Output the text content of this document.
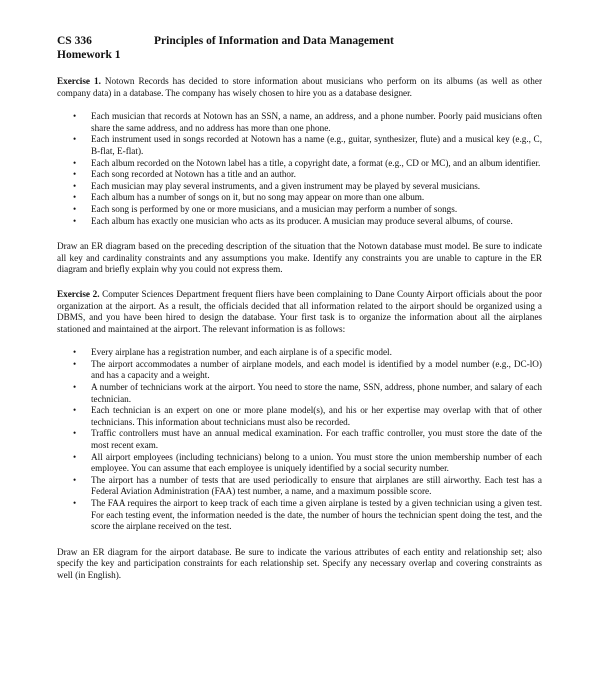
CS 336
Homework 1
Principles of Information and Data Management

Exercise 1. Notown Records has decided to store information about musicians who perform on its albums (as well as other company data) in a database. The company has wisely chosen to hire you as a database designer.

• Each musician that records at Notown has an SSN, a name, an address, and a phone number. Poorly paid musicians often share the same address, and no address has more than one phone.
• Each instrument used in songs recorded at Notown has a name (e.g., guitar, synthesizer, flute) and a musical key (e.g., C, B-flat, E-flat).
• Each album recorded on the Notown label has a title, a copyright date, a format (e.g., CD or MC), and an album identifier.
• Each song recorded at Notown has a title and an author.
• Each musician may play several instruments, and a given instrument may be played by several musicians.
• Each album has a number of songs on it, but no song may appear on more than one album.
• Each song is performed by one or more musicians, and a musician may perform a number of songs.
• Each album has exactly one musician who acts as its producer. A musician may produce several albums, of course.

Draw an ER diagram based on the preceding description of the situation that the Notown database must model. Be sure to indicate all key and cardinality constraints and any assumptions you make. Identify any constraints you are unable to capture in the ER diagram and briefly explain why you could not express them.

Exercise 2. Computer Sciences Department frequent fliers have been complaining to Dane County Airport officials about the poor organization at the airport. As a result, the officials decided that all information related to the airport should be organized using a DBMS, and you have been hired to design the database. Your first task is to organize the information about all the airplanes stationed and maintained at the airport. The relevant information is as follows:

• Every airplane has a registration number, and each airplane is of a specific model.
• The airport accommodates a number of airplane models, and each model is identified by a model number (e.g., DC-lO) and has a capacity and a weight.
• A number of technicians work at the airport. You need to store the name, SSN, address, phone number, and salary of each technician.
• Each technician is an expert on one or more plane model(s), and his or her expertise may overlap with that of other technicians. This information about technicians must also be recorded.
• Traffic controllers must have an annual medical examination. For each traffic controller, you must store the date of the most recent exam.
• All airport employees (including technicians) belong to a union. You must store the union membership number of each employee. You can assume that each employee is uniquely identified by a social security number.
• The airport has a number of tests that are used periodically to ensure that airplanes are still airworthy. Each test has a Federal Aviation Administration (FAA) test number, a name, and a maximum possible score.
• The FAA requires the airport to keep track of each time a given airplane is tested by a given technician using a given test. For each testing event, the information needed is the date, the number of hours the technician spent doing the test, and the score the airplane received on the test.

Draw an ER diagram for the airport database. Be sure to indicate the various attributes of each entity and relationship set; also specify the key and participation constraints for each relationship set. Specify any necessary overlap and covering constraints as well (in English).
